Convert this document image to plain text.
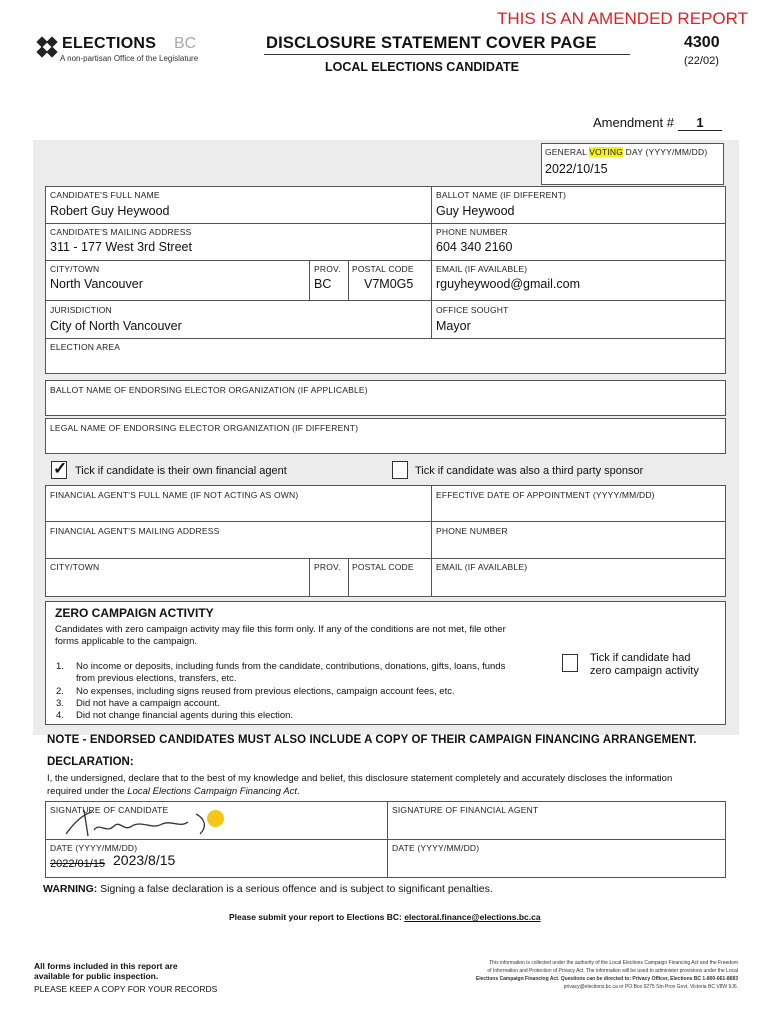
THIS IS AN AMENDED REPORT
ELECTIONS BC
A non-partisan Office of the Legislature
DISCLOSURE STATEMENT COVER PAGE
LOCAL ELECTIONS CANDIDATE
4300
(22/02)
Amendment #	1
GENERAL VOTING DAY (YYYY/MM/DD)
2022/10/15
CANDIDATE'S FULL NAME
Robert Guy Heywood
BALLOT NAME (IF DIFFERENT)
Guy Heywood
CANDIDATE'S MAILING ADDRESS
311 - 177 West 3rd Street
PHONE NUMBER
604 340 2160
CITY/TOWN
North Vancouver
PROV.
BC
POSTAL CODE
V7M0G5
EMAIL (IF AVAILABLE)
rguyheywood@gmail.com
JURISDICTION
City of North Vancouver
OFFICE SOUGHT
Mayor
ELECTION AREA
BALLOT NAME OF ENDORSING ELECTOR ORGANIZATION (IF APPLICABLE)
LEGAL NAME OF ENDORSING ELECTOR ORGANIZATION (IF DIFFERENT)
✓ Tick if candidate is their own financial agent	Tick if candidate was also a third party sponsor
FINANCIAL AGENT'S FULL NAME (IF NOT ACTING AS OWN)	EFFECTIVE DATE OF APPOINTMENT (YYYY/MM/DD)
FINANCIAL AGENT'S MAILING ADDRESS	PHONE NUMBER
CITY/TOWN	PROV. POSTAL CODE	EMAIL (IF AVAILABLE)
ZERO CAMPAIGN ACTIVITY
Candidates with zero campaign activity may file this form only. If any of the conditions are not met, file other
forms applicable to the campaign.
1. No income or deposits, including funds from the candidate, contributions, donations, gifts, loans, funds
from previous elections, transfers, etc.
2. No expenses, including signs reused from previous elections, campaign account fees, etc.
3. Did not have a campaign account.
4. Did not change financial agents during this election.
Tick if candidate had
zero campaign activity
NOTE - ENDORSED CANDIDATES MUST ALSO INCLUDE A COPY OF THEIR CAMPAIGN FINANCING ARRANGEMENT.
DECLARATION:
I, the undersigned, declare that to the best of my knowledge and belief, this disclosure statement completely and accurately discloses the information
required under the Local Elections Campaign Financing Act.
SIGNATURE OF CANDIDATE	SIGNATURE OF FINANCIAL AGENT
DATE (YYYY/MM/DD)
2022/01/15 2023/8/15
DATE (YYYY/MM/DD)
WARNING: Signing a false declaration is a serious offence and is subject to significant penalties.
Please submit your report to Elections BC: electoral.finance@elections.bc.ca
All forms included in this report are
available for public inspection.
PLEASE KEEP A COPY FOR YOUR RECORDS
This information is collected under the authority of the Local Elections Campaign Financing Act and the Freedom
of Information and Protection of Privacy Act. The information will be used to administer provisions under the Local
Elections Campaign Financing Act. Questions can be directed to: Privacy Officer, Elections BC 1-800-661-8683
privacy@elections.bc.ca or PO Box 9275 Stn Prov Govt, Victoria BC V8W 9J6.
